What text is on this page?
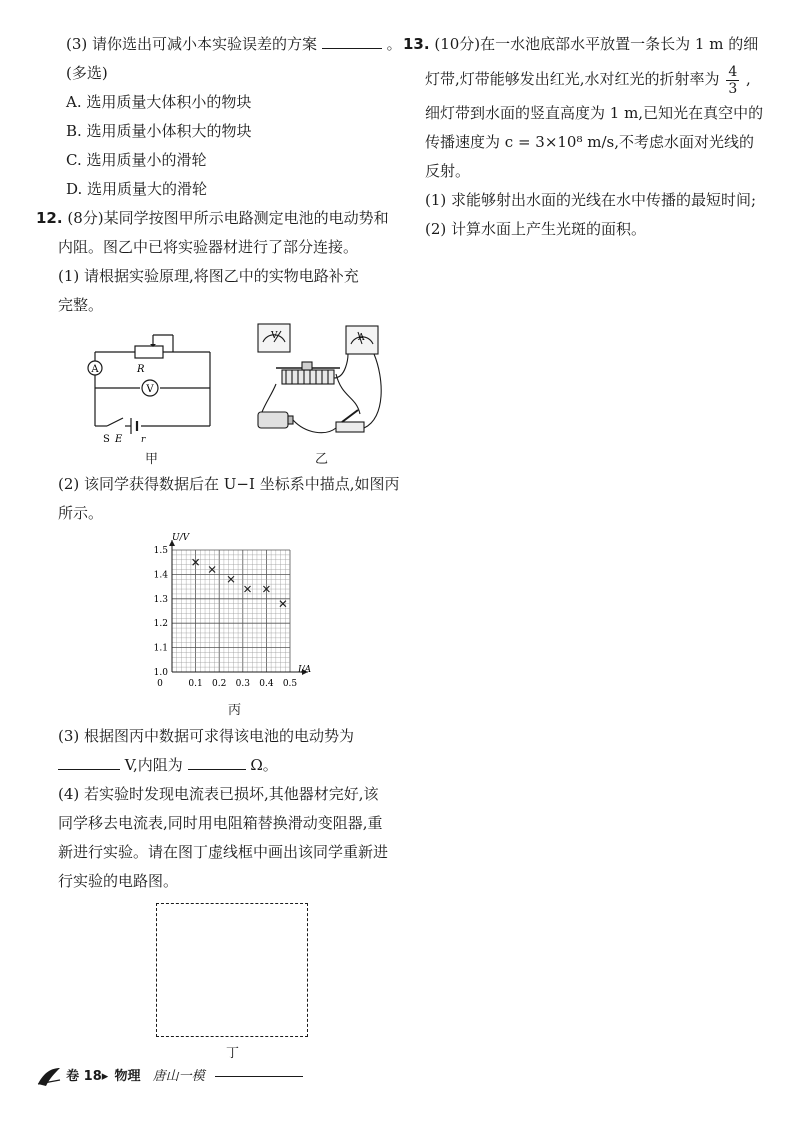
(3) 请你选出可减小本实验误差的方案	。
(多选)
A. 选用质量大体积小的物块
B. 选用质量小体积大的物块
C. 选用质量小的滑轮
D. 选用质量大的滑轮
12. (8分)某同学按图甲所示电路测定电池的电动势和
内阻。图乙中已将实验器材进行了部分连接。
(1) 请根据实验原理,将图乙中的实物电路补充
完整。
A
V
R
S E r
甲
V	A
乙
(2) 该同学获得数据后在 U−I 坐标系中描点,如图丙
所示。
0	0.1 0.2 0.3 0.4 0.5
1.0
1.1
1.2
1.3
1.4
1.5
I/A
U/V
丙
(3) 根据图丙中数据可求得该电池的电动势为
V,内阻为	Ω。
(4) 若实验时发现电流表已损坏,其他器材完好,该
同学移去电流表,同时用电阻箱替换滑动变阻器,重
新进行实验。请在图丁虚线框中画出该同学重新进
行实验的电路图。
丁
13. (10分)在一水池底部水平放置一条长为 1 m 的细
灯带,灯带能够发出红光,水对红光的折射率为 $\frac{4}{3}$ ,
细灯带到水面的竖直高度为 1 m,已知光在真空中的
传播速度为 c = 3×10⁸ m/s,不考虑水面对光线的
反射。
(1) 求能够射出水面的光线在水中传播的最短时间;
(2) 计算水面上产生光斑的面积。
卷 18▸ 物理 唐山一模
